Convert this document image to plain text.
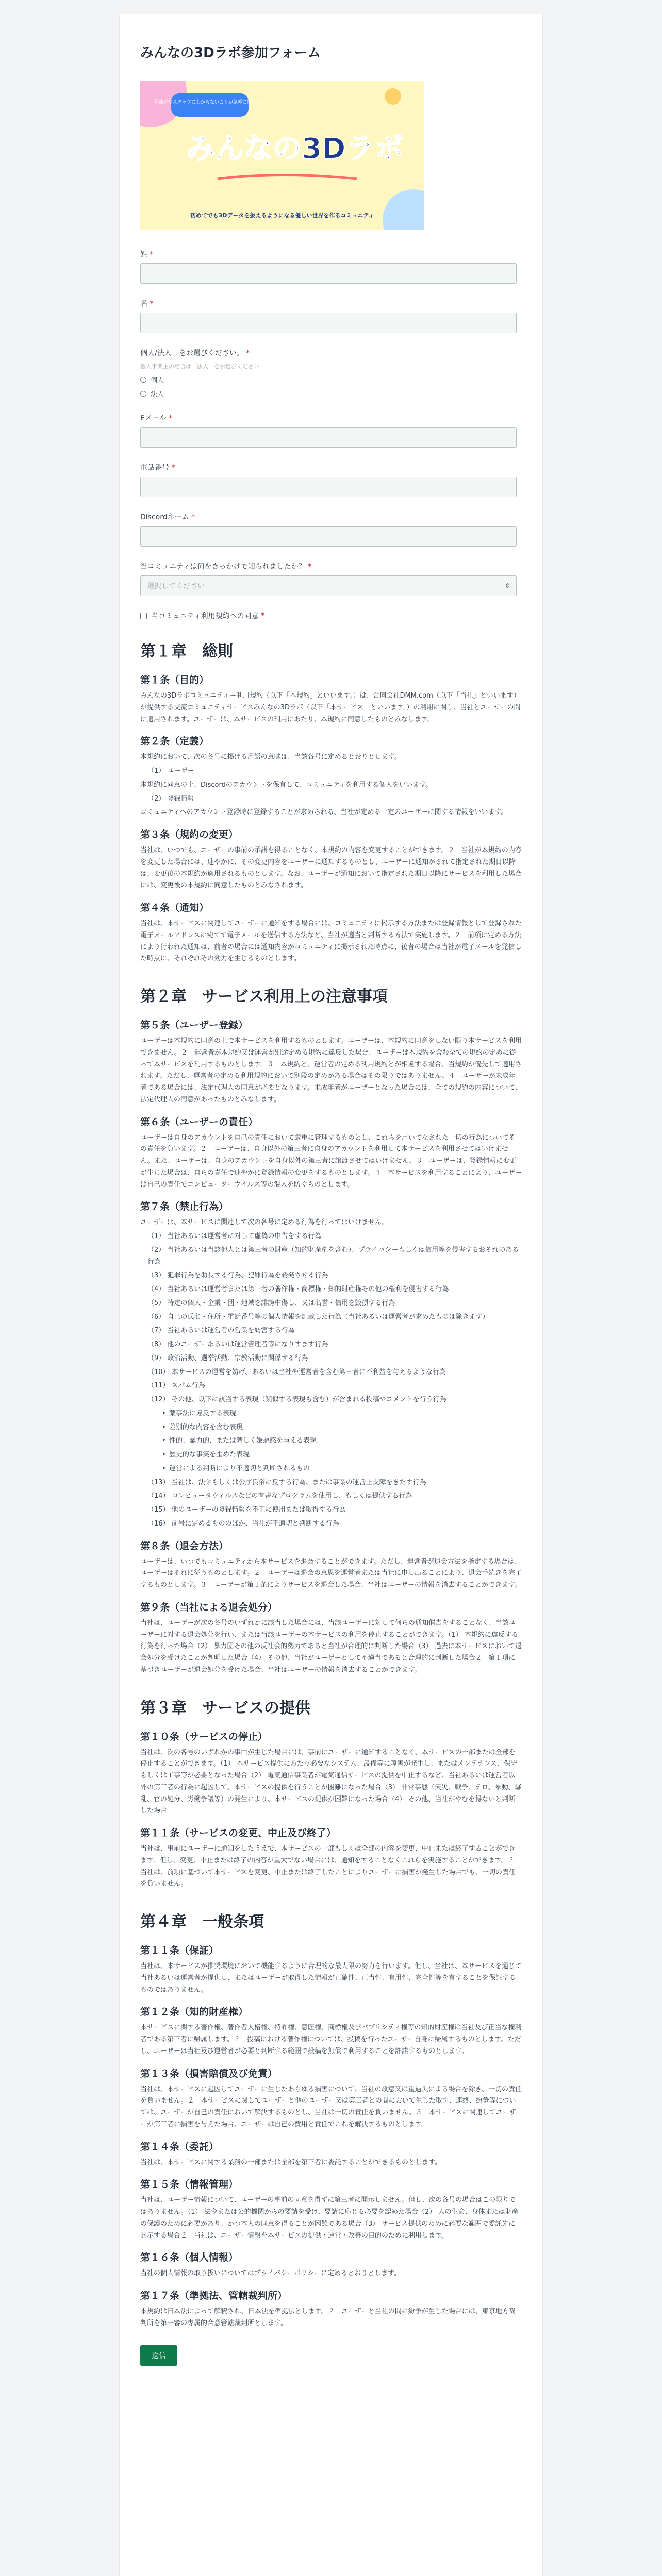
みんなの3Dラボ参加フォーム
熟練者やスタッフにわからないことが気軽に聞ける！
みんなの3Dラボ
初めてでも3Dデータを扱えるようになる優しい世界を作るコミュニティ
姓 *
名 *
個人/法人　をお選びください。 *
個人事業主の場合は「法人」をお選びください
個人
法人
Eメール *
電話番号 *
Discordネーム *
当コミュニティは何をきっかけで知られましたか？ *
選択してください	⇕
当コミュニティ利用規約への同意
*
第１章　総則
第１条（目的）

みんなの3Dラボコミュニティー利用規約（以下「本規約」といいます。）は、合同会社DMM.com（以下「当社」といいます）が提供する交流コミュニティサービスみんなの3Dラボ（以下「本サービス」といいます。）の利用に関し、当社とユーザーの間に適用されます。ユーザーは、本サービスの利用にあたり、本規約に同意したものとみなします。

第２条（定義）

本規約において、次の各号に掲げる用語の意味は、当該各号に定めるとおりとします。

（1） ユーザー

本規約に同意の上、Discordのアカウントを保有して、コミュニティを利用する個人をいいます。

（2） 登録情報

コミュニティへのアカウント登録時に登録することが求められる、当社が定める一定のユーザーに関する情報をいいます。

第３条（規約の変更）

当社は、いつでも、ユーザーの事前の承諾を得ることなく、本規約の内容を変更することができます。２　当社が本規約の内容を変更した場合には、速やかに、その変更内容をユーザーに通知するものとし、ユーザーに通知がされて指定された期日以降は、変更後の本規約が適用されるものとします。なお、ユーザーが通知において指定された期日以降にサービスを利用した場合には、変更後の本規約に同意したものとみなされます。

第４条（通知）

当社は、本サービスに関連してユーザーに通知をする場合には、コミュニティに掲示する方法または登録情報として登録された電子メールアドレスに宛てて電子メールを送信する方法など、当社が適当と判断する方法で実施します。２　前項に定める方法により行われた通知は、前者の場合には通知内容がコミュニティに掲示された時点に、後者の場合は当社が電子メールを発信した時点に、それぞれその効力を生じるものとします。

第２章　サービス利用上の注意事項
第５条（ユーザー登録）

ユーザーは本規約に同意の上で本サービスを利用するものとします。ユーザーは、本規約に同意をしない限り本サービスを利用できません。２　運営者が本規約又は運営が別途定める規約に違反した場合、ユーザーは本規約を含む全ての規約の定めに従って本サービスを利用するものとします。３　本規約と、運営者の定める利用規約とが相違する場合、当規約が優先して適用されます。ただし、運営者の定める利用規約において別段の定めがある場合はその限りではありません。４　ユーザーが未成年者である場合には、法定代理人の同意が必要となります。未成年者がユーザーとなった場合には、全ての規約の内容について、法定代理人の同意があったものとみなします。

第６条（ユーザーの責任）

ユーザーは自身のアカウントを自己の責任において厳重に管理するものとし、これらを用いてなされた一切の行為についてその責任を負います。２　ユーザーは、自身以外の第三者に自身のアカウントを利用して本サービスを利用させてはいけません。また、ユーザーは、自身のアカウントを自身以外の第三者に譲渡させてはいけません。３　ユーザーは、登録情報に変更が生じた場合は、自らの責任で速やかに登録情報の変更をするものとします。４　本サービスを利用することにより、ユーザーは自己の責任でコンピューターウイルス等の混入を防ぐものとします。

第７条（禁止行為）

ユーザーは、本サービスに関連して次の各号に定める行為を行ってはいけません。

（1） 当社あるいは運営者に対して虚偽の申告をする行為

（2） 当社あるいは当該他人とは第三者の財産（知的財産権を含む）、プライバシーもしくは信用等を侵害するおそれのある行為

（3） 犯罪行為を助長する行為、犯罪行為を誘発させる行為

（4） 当社あるいは運営者または第三者の著作権・商標権・知的財産権その他の権利を侵害する行為

（5） 特定の個人・企業・団・地域を誹謗中傷し、又は名誉・信用を毀損する行為

（6） 自己の氏名・住所・電話番号等の個人情報を記載した行為（当社あるいは運営者が求めたものは除きます）

（7） 当社あるいは運営者の営業を妨害する行為

（8） 他のユーザーあるいは運営管理者等になりすます行為

（9） 政治活動、選挙活動、宗教活動に関係する行為

（10） 本サービスの運営を妨げ、あるいは当社や運営者を含む第三者に不利益を与えるような行為

（11） スパム行為

（12） その他、以下に該当する表現（類似する表現も含む）が含まれる投稿やコメントを行う行為

• 薬事法に違反する表現

• 差別的な内容を含む表現

• 性的、暴力的、または著しく嫌悪感を与える表現

• 歴史的な事実を歪めた表現

• 運営による判断により不適切と判断されるもの

（13） 当社は、法令もしくは公序良俗に反する行為、または事業の運営上支障をきたす行為

（14） コンピュータウィルスなどの有害なプログラムを使用し、もしくは提供する行為

（15） 他のユーザーの登録情報を不正に使用または取得する行為

（16） 前号に定めるもののほか、当社が不適切と判断する行為

第８条（退会方法）

ユーザーは、いつでもコミュニティから本サービスを退会することができます。ただし、運営者が退会方法を指定する場合は、ユーザーはそれに従うものとします。２　ユーザーは退会の意思を運営者または当社に申し出ることにより、退会手続きを完了するものとします。３　ユーザーが第１条によりサービスを退会した場合、当社はユーザーの情報を消去することができます。

第９条（当社による退会処分）

当社は、ユーザーが次の各号のいずれかに該当した場合には、当該ユーザーに対して何らの通知催告をすることなく、当該ユーザーに対する退会処分を行い、または当該ユーザーの本サービスの利用を停止することができます。（1） 本規約に違反する行為を行った場合（2） 暴力団その他の反社会的勢力であると当社が合理的に判断した場合（3） 過去に本サービスにおいて退会処分を受けたことが判明した場合（4） その他、当社がユーザーとして不適当であると合理的に判断した場合２　第１項に基づきユーザーが退会処分を受けた場合、当社はユーザーの情報を消去することができます。

第３章　サービスの提供
第１０条（サービスの停止）

当社は、次の各号のいずれかの事由が生じた場合には、事前にユーザーに通知することなく、本サービスの一部または全部を停止することができます。（1） 本サービス提供にあたり必要なシステム、設備等に障害が発生し、またはメンテナンス、保守もしくは工事等が必要となった場合（2） 電気通信事業者が電気通信サービスの提供を中止するなど、当社あるいは運営者以外の第三者の行為に起因して、本サービスの提供を行うことが困難になった場合（3） 非常事態（天災、戦争、テロ、暴動、騒乱、官の処分、労働争議等）の発生により、本サービスの提供が困難になった場合（4） その他、当社がやむを得ないと判断した場合

第１１条（サービスの変更、中止及び終了）

当社は、事前にユーザーに通知をしたうえで、本サービスの一部もしくは全部の内容を変更、中止または終了することができます。但し、変更、中止または終了の内容が重大でない場合には、通知をすることなくこれらを実施することができます。２　当社は、前項に基づいて本サービスを変更、中止または終了したことによりユーザーに損害が発生した場合でも、一切の責任を負いません。

第４章　一般条項
第１１条（保証）

当社は、本サービスが推奨環境において機能するように合理的な最大限の努力を行います。但し、当社は、本サービスを通じて当社あるいは運営者が提供し、またはユーザーが取得した情報が正確性、正当性、有用性、完全性等を有することを保証するものではありません。

第１２条（知的財産権）

本サービスに関する著作権、著作者人格権、特許権、意匠権、商標権及びパブリシティ権等の知的財産権は当社及び正当な権利者である第三者に帰属します。２　投稿における著作権については、投稿を行ったユーザー自身に帰属するものとします。ただし、ユーザーは当社及び運営者が必要と判断する範囲で投稿を無償で利用することを許諾するものとします。

第１３条（損害賠償及び免責）

当社は、本サービスに起因してユーザーに生じたあらゆる損害について、当社の故意又は重過失による場合を除き、一切の責任を負いません。２　本サービスに関してユーザーと他のユーザー又は第三者との間において生じた取引、連絡、紛争等については、ユーザーが自己の責任において解決するものとし、当社は一切の責任を負いません。３　本サービスに関連してユーザーが第三者に損害を与えた場合、ユーザーは自己の費用と責任でこれを解決するものとします。

第１４条（委託）

当社は、本サービスに関する業務の一部または全部を第三者に委託することができるものとします。

第１５条（情報管理）

当社は、ユーザー情報について、ユーザーの事前の同意を得ずに第三者に開示しません。但し、次の各号の場合はこの限りではありません。（1） 法令または公的機関からの要請を受け、要請に応じる必要を認めた場合（2） 人の生命、身体または財産の保護のために必要があり、かつ本人の同意を得ることが困難である場合（3） サービス提供のために必要な範囲で委託先に開示する場合２　当社は、ユーザー情報を本サービスの提供・運営・改善の目的のために利用します。

第１６条（個人情報）

当社の個人情報の取り扱いについてはプライバシーポリシーに定めるとおりとします。

第１７条（準拠法、管轄裁判所）

本規約は日本法によって解釈され、日本法を準拠法とします。２　ユーザーと当社の間に紛争が生じた場合には、東京地方裁判所を第一審の専属的合意管轄裁判所とします。

送信
